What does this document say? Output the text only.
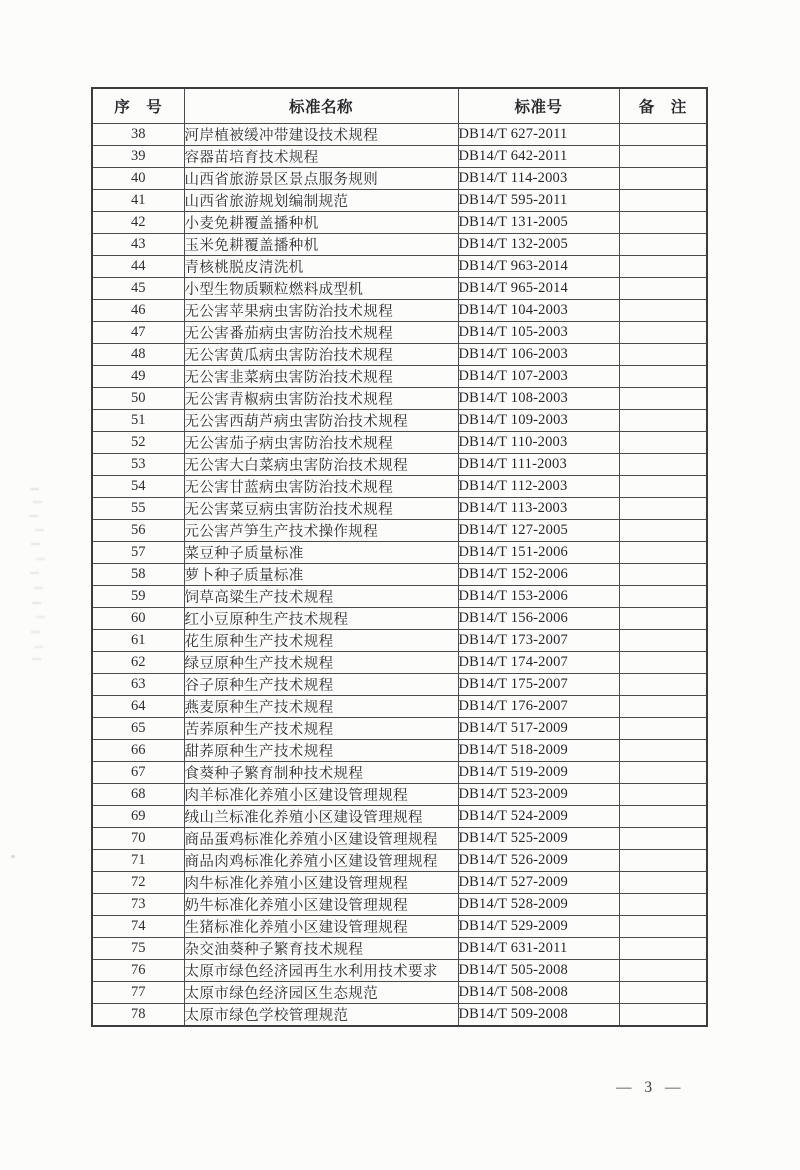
序　号	标准名称	标准号	备　注
38	河岸植被缓冲带建设技术规程	DB14/T 627-2011	
39	容器苗培育技术规程	DB14/T 642-2011	
40	山西省旅游景区景点服务规则	DB14/T 114-2003	
41	山西省旅游规划编制规范	DB14/T 595-2011	
42	小麦免耕覆盖播种机	DB14/T 131-2005	
43	玉米免耕覆盖播种机	DB14/T 132-2005	
44	青核桃脱皮清洗机	DB14/T 963-2014	
45	小型生物质颗粒燃料成型机	DB14/T 965-2014	
46	无公害苹果病虫害防治技术规程	DB14/T 104-2003	
47	无公害番茄病虫害防治技术规程	DB14/T 105-2003	
48	无公害黄瓜病虫害防治技术规程	DB14/T 106-2003	
49	无公害韭菜病虫害防治技术规程	DB14/T 107-2003	
50	无公害青椒病虫害防治技术规程	DB14/T 108-2003	
51	无公害西葫芦病虫害防治技术规程	DB14/T 109-2003	
52	无公害茄子病虫害防治技术规程	DB14/T 110-2003	
53	无公害大白菜病虫害防治技术规程	DB14/T 111-2003	
54	无公害甘蓝病虫害防治技术规程	DB14/T 112-2003	
55	无公害菜豆病虫害防治技术规程	DB14/T 113-2003	
56	元公害芦笋生产技术操作规程	DB14/T 127-2005	
57	菜豆种子质量标准	DB14/T 151-2006	
58	萝卜种子质量标准	DB14/T 152-2006	
59	饲草高粱生产技术规程	DB14/T 153-2006	
60	红小豆原种生产技术规程	DB14/T 156-2006	
61	花生原种生产技术规程	DB14/T 173-2007	
62	绿豆原种生产技术规程	DB14/T 174-2007	
63	谷子原种生产技术规程	DB14/T 175-2007	
64	燕麦原种生产技术规程	DB14/T 176-2007	
65	苦荞原种生产技术规程	DB14/T 517-2009	
66	甜荞原种生产技术规程	DB14/T 518-2009	
67	食葵种子繁育制种技术规程	DB14/T 519-2009	
68	肉羊标准化养殖小区建设管理规程	DB14/T 523-2009	
69	绒山兰标准化养殖小区建设管理规程	DB14/T 524-2009	
70	商品蛋鸡标准化养殖小区建设管理规程	DB14/T 525-2009	
71	商品肉鸡标准化养殖小区建设管理规程	DB14/T 526-2009	
72	肉牛标准化养殖小区建设管理规程	DB14/T 527-2009	
73	奶牛标准化养殖小区建设管理规程	DB14/T 528-2009	
74	生猪标准化养殖小区建设管理规程	DB14/T 529-2009	
75	杂交油葵种子繁育技术规程	DB14/T 631-2011	
76	太原市绿色经济园再生水利用技术要求	DB14/T 505-2008	
77	太原市绿色经济园区生态规范	DB14/T 508-2008	
78	太原市绿色学校管理规范	DB14/T 509-2008	
— 3 —
